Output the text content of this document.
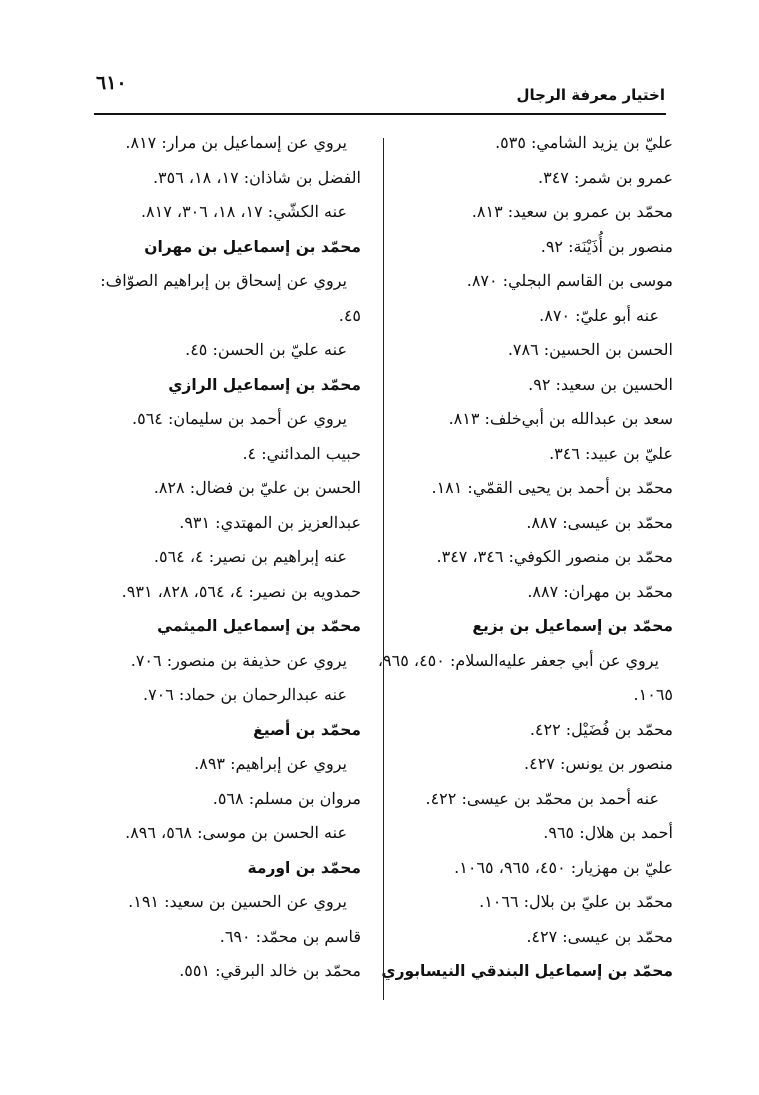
٦١٠
اختيار معرفة الرجال
عليّ بن يزيد الشامي: ٥٣٥.
عمرو بن شمر: ٣٤٧.
محمّد بن عمرو بن سعيد: ٨١٣.
منصور بن أُذَيْنَة: ٩٢.
موسى بن القاسم البجلي: ٨٧٠.
عنه أبو عليّ: ٨٧٠.
الحسن بن الحسين: ٧٨٦.
الحسين بن سعيد: ٩٢.
سعد بن عبدالله بن أبي‌خلف: ٨١٣.
عليّ بن عبيد: ٣٤٦.
محمّد بن أحمد بن يحيى القمّي: ١٨١.
محمّد بن عيسى: ٨٨٧.
محمّد بن منصور الكوفي: ٣٤٦، ٣٤٧.
محمّد بن مهران: ٨٨٧.
محمّد بن إسماعيل بن بزيع
يروي عن أبي جعفر عليه‌السلام: ٤٥٠، ٩٦٥،
١٠٦٥.
محمّد بن فُضَيْل: ٤٢٢.
منصور بن يونس: ٤٢٧.
عنه أحمد بن محمّد بن عيسى: ٤٢٢.
أحمد بن هلال: ٩٦٥.
عليّ بن مهزيار: ٤٥٠، ٩٦٥، ١٠٦٥.
محمّد بن عليّ بن بلال: ١٠٦٦.
محمّد بن عيسى: ٤٢٧.
محمّد بن إسماعيل البندقي النيسابوري
يروي عن إسماعيل بن مرار: ٨١٧.
الفضل بن شاذان: ١٧، ١٨، ٣٥٦.
عنه الكشّي: ١٧، ١٨، ٣٠٦، ٨١٧.
محمّد بن إسماعيل بن مهران
يروي عن إسحاق بن إبراهيم الصوّاف:
٤٥.
عنه عليّ بن الحسن: ٤٥.
محمّد بن إسماعيل الرازي
يروي عن أحمد بن سليمان: ٥٦٤.
حبيب المدائني: ٤.
الحسن بن عليّ بن فضال: ٨٢٨.
عبدالعزيز بن المهتدي: ٩٣١.
عنه إبراهيم بن نصير: ٤، ٥٦٤.
حمدويه بن نصير: ٤، ٥٦٤، ٨٢٨، ٩٣١.
محمّد بن إسماعيل الميثمي
يروي عن حذيفة بن منصور: ٧٠٦.
عنه عبدالرحمان بن حماد: ٧٠٦.
محمّد بن أصيغ
يروي عن إبراهيم: ٨٩٣.
مروان بن مسلم: ٥٦٨.
عنه الحسن بن موسى: ٥٦٨، ٨٩٦.
محمّد بن اورمة
يروي عن الحسين بن سعيد: ١٩١.
قاسم بن محمّد: ٦٩٠.
محمّد بن خالد البرقي: ٥٥١.
